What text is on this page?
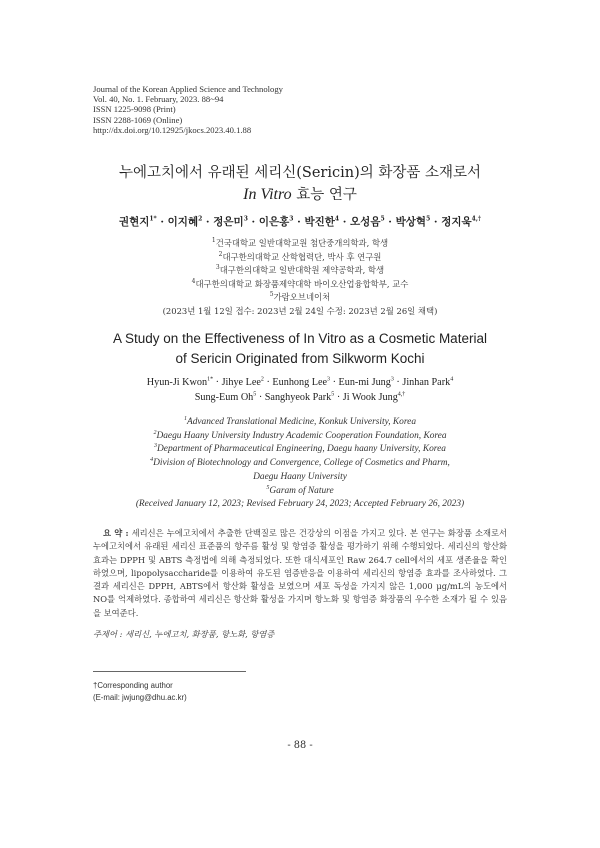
Journal of the Korean Applied Science and Technology
Vol. 40, No. 1. February, 2023. 88~94
ISSN 1225-9098 (Print)
ISSN 2288-1069 (Online)
http://dx.doi.org/10.12925/jkocs.2023.40.1.88
누에고치에서 유래된 세리신(Sericin)의 화장품 소재로서
In Vitro 효능 연구
권현지$^{1*}$ · 이지혜$^2$ · 정은미$^3$ · 이은홍$^3$ · 박진한$^4$ · 오성음$^5$ · 박상혁$^5$ · 정지욱$^{4,\dagger}$
$^1$건국대학교 일반대학교원 첨단중개의학과, 학생
$^2$대구한의대학교 산학협력단, 박사 후 연구원
$^3$대구한의대학교 일반대학원 제약공학과, 학생
$^4$대구한의대학교 화장품제약대학 바이오산업융합학부, 교수
$^5$가람오브네이처
(2023년 1월 12일 접수: 2023년 2월 24일 수정: 2023년 2월 26일 채택)
A Study on the Effectiveness of In Vitro as a Cosmetic Material
of Sericin Originated from Silkworm Kochi
Hyun-Ji Kwon$^{1*}$ · Jihye Lee$^2$ · Eunhong Lee$^3$ · Eun-mi Jung$^3$ · Jinhan Park$^4$
Sung-Eum $Oh^5$ · Sanghyeok Park$^5$ · Ji Wook Jung$^{4,\dagger}$
$^1$Advanced Translational Medicine, Konkuk University, Korea
$^2$Daegu Haany University Industry Academic Cooperation Foundation, Korea
$^3$Department of Pharmaceutical Engineering, Daegu haany University, Korea
$^4$Division of Biotechnology and Convergence, College of Cosmetics and Pharm,
Daegu Haany University
$^5$Garam of Nature
(Received January 12, 2023; Revised February 24, 2023; Accepted February 26, 2023)
요 약 : 세리신은 누에고치에서 추출한 단백질로 많은 건강상의 이점을 가지고 있다. 본 연구는 화장품 소재로서 누에고치에서 유래된 세리신 표준품의 항주름 활성 및 항염증 활성을 평가하기 위해 수행되었다. 세리신의 항산화 효과는 DPPH 및 ABTS 측정법에 의해 측정되었다. 또한 대식세포인 Raw 264.7 cell에서의 세포 생존율을 확인하였으며, lipopolysaccharide를 이용하여 유도된 염증반응을 이용하여 세리신의 항염증 효과를 조사하였다. 그 결과 세리신은 DPPH, ABTS에서 항산화 활성을 보였으며 세포 독성을 가지지 않은 1,000 μg/mL의 농도에서 NO를 억제하였다. 종합하여 세리신은 항산화 활성을 가지며 항노화 및 항염증 화장품의 우수한 소재가 될 수 있음을 보여준다.
주제어 : 세리신, 누에고치, 화장품, 항노화, 항염증
†Corresponding author
(E-mail: jwjung@dhu.ac.kr)
- 88 -
